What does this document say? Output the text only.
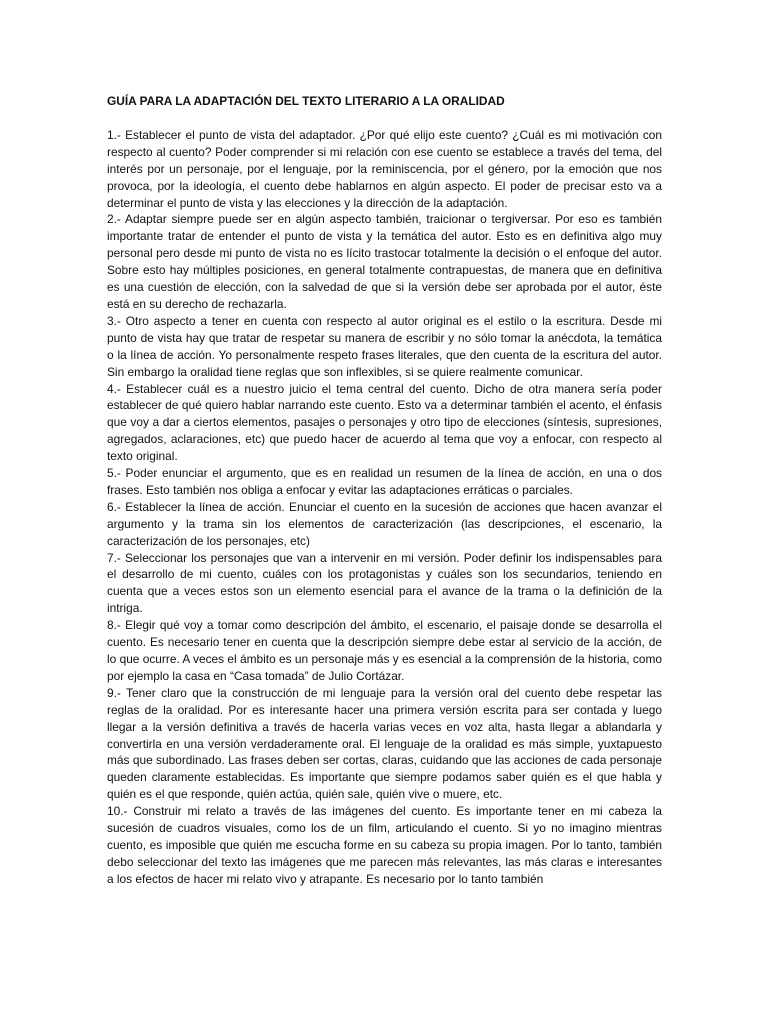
GUÍA PARA LA ADAPTACIÓN DEL TEXTO LITERARIO A LA ORALIDAD

1.- Establecer el punto de vista del adaptador. ¿Por qué elijo este cuento? ¿Cuál es mi motivación con respecto al cuento? Poder comprender si mi relación con ese cuento se establece a través del tema, del interés por un personaje, por el lenguaje, por la reminiscencia, por el género, por la emoción que nos provoca, por la ideología, el cuento debe hablarnos en algún aspecto. El poder de precisar esto va a determinar el punto de vista y las elecciones y la dirección de la adaptación.

2.- Adaptar siempre puede ser en algún aspecto también, traicionar o tergiversar. Por eso es también importante tratar de entender el punto de vista y la temática del autor. Esto es en definitiva algo muy personal pero desde mi punto de vista no es lícito trastocar totalmente la decisión o el enfoque del autor. Sobre esto hay múltiples posiciones, en general totalmente contrapuestas, de manera que en definitiva es una cuestión de elección, con la salvedad de que si la versión debe ser aprobada por el autor, éste está en su derecho de rechazarla.

3.- Otro aspecto a tener en cuenta con respecto al autor original es el estilo o la escritura. Desde mi punto de vista hay que tratar de respetar su manera de escribir y no sólo tomar la anécdota, la temática o la línea de acción. Yo personalmente respeto frases literales, que den cuenta de la escritura del autor. Sin embargo la oralidad tiene reglas que son inflexibles, si se quiere realmente comunicar.

4.- Establecer cuál es a nuestro juicio el tema central del cuento. Dicho de otra manera sería poder establecer de qué quiero hablar narrando este cuento. Esto va a determinar también el acento, el énfasis que voy a dar a ciertos elementos, pasajes o personajes y otro tipo de elecciones (síntesis, supresiones, agregados, aclaraciones, etc) que puedo hacer de acuerdo al tema que voy a enfocar, con respecto al texto original.

5.- Poder enunciar el argumento, que es en realidad un resumen de la línea de acción, en una o dos frases. Esto también nos obliga a enfocar y evitar las adaptaciones erráticas o parciales.

6.- Establecer la línea de acción. Enunciar el cuento en la sucesión de acciones que hacen avanzar el argumento y la trama sin los elementos de caracterización (las descripciones, el escenario, la caracterización de los personajes, etc)

7.- Seleccionar los personajes que van a intervenir en mi versión. Poder definir los indispensables para el desarrollo de mi cuento, cuáles con los protagonistas y cuáles son los secundarios, teniendo en cuenta que a veces estos son un elemento esencial para el avance de la trama o la definición de la intriga.

8.- Elegir qué voy a tomar como descripción del ámbito, el escenario, el paisaje donde se desarrolla el cuento. Es necesario tener en cuenta que la descripción siempre debe estar al servicio de la acción, de lo que ocurre. A veces el ámbito es un personaje más y es esencial a la comprensión de la historia, como por ejemplo la casa en “Casa tomada” de Julio Cortázar.

9.- Tener claro que la construcción de mi lenguaje para la versión oral del cuento debe respetar las reglas de la oralidad. Por es interesante hacer una primera versión escrita para ser contada y luego llegar a la versión definitiva a través de hacerla varias veces en voz alta, hasta llegar a ablandarla y convertirla en una versión verdaderamente oral. El lenguaje de la oralidad es más simple, yuxtapuesto más que subordinado. Las frases deben ser cortas, claras, cuidando que las acciones de cada personaje queden claramente establecidas. Es importante que siempre podamos saber quién es el que habla y quién es el que responde, quién actúa, quién sale, quién vive o muere, etc.

10.- Construir mi relato a través de las imágenes del cuento. Es importante tener en mi cabeza la sucesión de cuadros visuales, como los de un film, articulando el cuento. Si yo no imagino mientras cuento, es imposible que quién me escucha forme en su cabeza su propia imagen. Por lo tanto, también debo seleccionar del texto las imágenes que me parecen más relevantes, las más claras e interesantes a los efectos de hacer mi relato vivo y atrapante. Es necesario por lo tanto también
